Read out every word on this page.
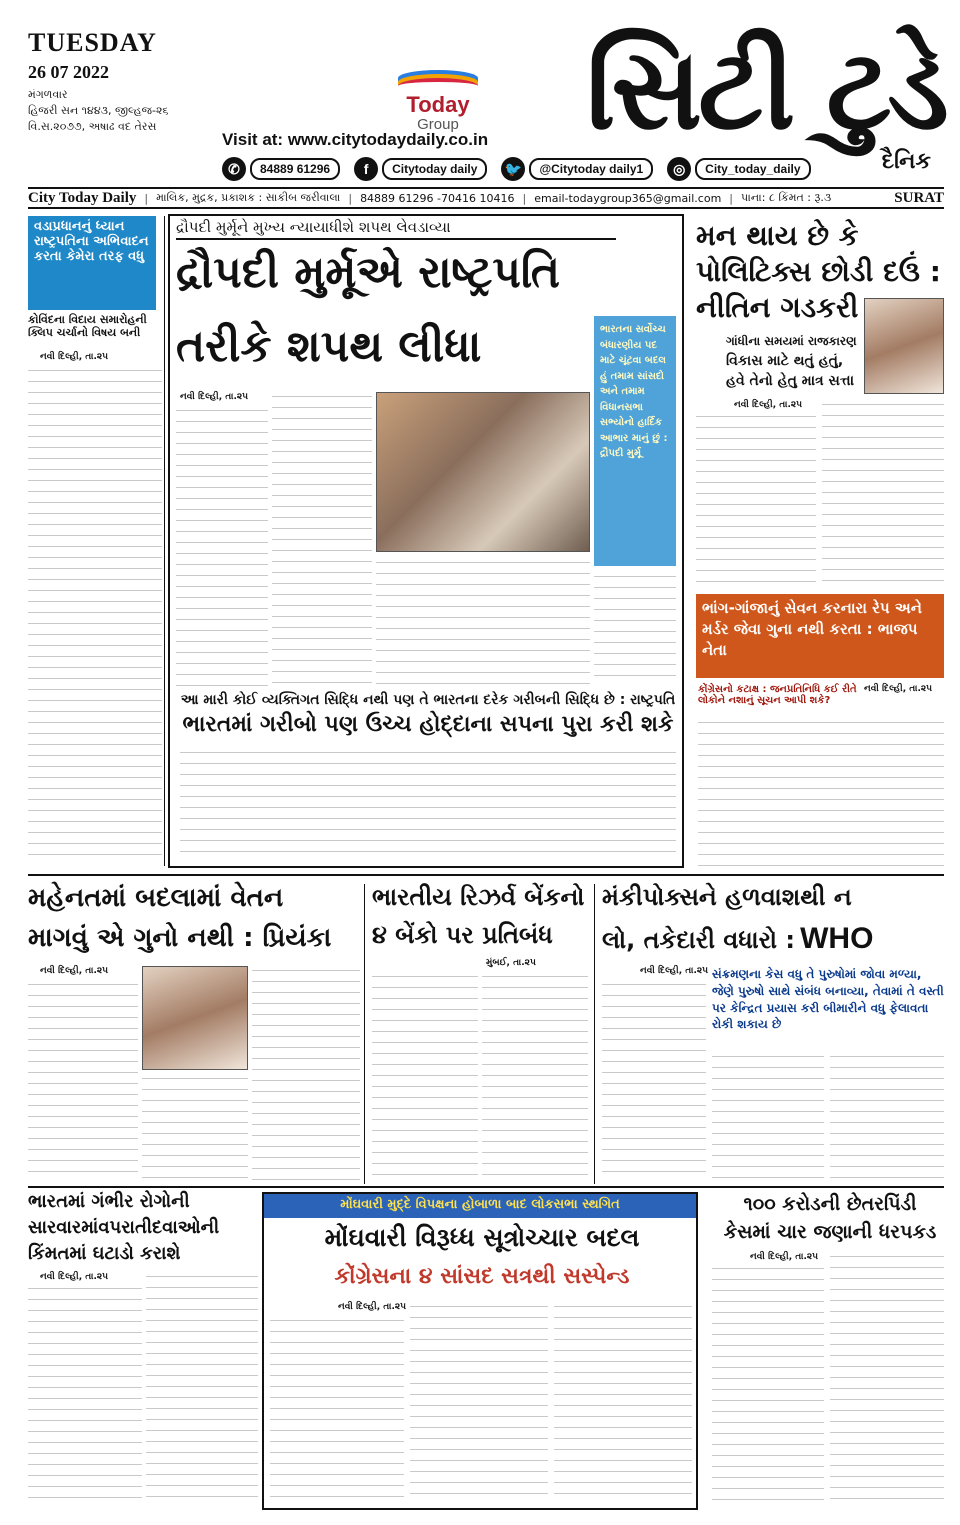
TUESDAY
26 07 2022
મંગળવાર
હિજરી સન ૧૪૪૩, જીલ્હજ-૨૬
વિ.સ.૨૦૭૭, અષાઢ વદ તેરસ
Today
Group	સિટી ટુડે
દૈનિક
Visit at: www.citytodaydaily.co.in
✆	84889 61296	f	Citytoday daily	🐦	@Citytoday daily1	◎	City_today_daily
City Today Daily | માલિક, મુદ્રક, પ્રકાશક : સાકીબ જરીવાલા | 84889 61296 -70416 10416 | email-todaygroup365@gmail.com | પાના: ૮ કિંમત : રૂ.૩	SURAT
વડાપ્રધાનનું ધ્યાન રાષ્ટ્રપતિના અભિવાદન કરતા કેમેરા તરફ વધુ
કોવિંદના વિદાય સમારોહની ક્લિપ ચર્ચાનો વિષય બની
નવી દિલ્હી, તા.૨૫
દ્રૌપદી મુર્મૂને મુખ્ય ન્યાયાધીશે શપથ લેવડાવ્યા
દ્રૌપદી મુર્મૂએ રાષ્ટ્રપતિ
તરીકે શપથ લીધા	ભારતના સર્વોચ્ચ બંધારણીય પદ માટે ચૂંટવા બદલ હું તમામ સાંસદો અને તમામ વિધાનસભા સભ્યોનો હાર્દિક આભાર માનું છું : દ્રૌપદી મુર્મૂ
નવી દિલ્હી, તા.૨૫
આ મારી કોઈ વ્યક્તિગત સિદ્ધિ નથી પણ તે ભારતના દરેક ગરીબની સિદ્ધિ છે : રાષ્ટ્રપતિ
ભારતમાં ગરીબો પણ ઉચ્ચ હોદ્દાના સપના પુરા કરી શકે
મન થાય છે કે
પોલિટિક્સ છોડી દઉં :
નીતિન ગડકરી
ગાંધીના સમયમાં રાજકારણ
વિકાસ માટે થતું હતું,
હવે તેનો હેતુ માત્ર સત્તા
નવી દિલ્હી, તા.૨૫
ભાંગ-ગાંજાનું સેવન કરનારા રેપ અને મર્ડર જેવા ગુના નથી કરતા : ભાજપ નેતા
કોંગ્રેસનો કટાક્ષ : જનપ્રતિનિધિ કઈ રીતે લોકોને નશાનું સૂચન આપી શકે?
નવી દિલ્હી, તા.૨૫
મહેનતમાં બદલામાં વેતન
માગવું એ ગુનો નથી : પ્રિયંકા
નવી દિલ્હી, તા.૨૫
ભારતીય રિઝર્વ બેંકનો
૪ બેંકો પર પ્રતિબંધ
મુંબઈ, તા.૨૫
મંકીપોક્સને હળવાશથી ન
લો, તકેદારી વધારો : WHO
નવી દિલ્હી, તા.૨૫ સંક્રમણના કેસ વધુ તે પુરુષોમાં જોવા મળ્યા, જેણે પુરુષો સાથે સંબંધ બનાવ્યા, તેવામાં તે વસ્તી પર કેન્દ્રિત પ્રયાસ કરી બીમારીને વધુ ફેલાવતા રોકી શકાય છે
ભારતમાં ગંભીર રોગોની
સારવારમાંવપરાતીદવાઓની
કિંમતમાં ઘટાડો કરાશે
નવી દિલ્હી, તા.૨૫
મોંઘવારી મુદ્દે વિપક્ષના હોબાળા બાદ લોકસભા સ્થગિત
મોંઘવારી વિરૂધ્ધ સૂત્રોચ્ચાર બદલ
કોંગ્રેસના ૪ સાંસદ સત્રથી સસ્પેન્ડ
નવી દિલ્હી, તા.૨૫
૧૦૦ કરોડની છેતરપિંડી
કેસમાં ચાર જણાની ધરપકડ
નવી દિલ્હી, તા.૨૫
